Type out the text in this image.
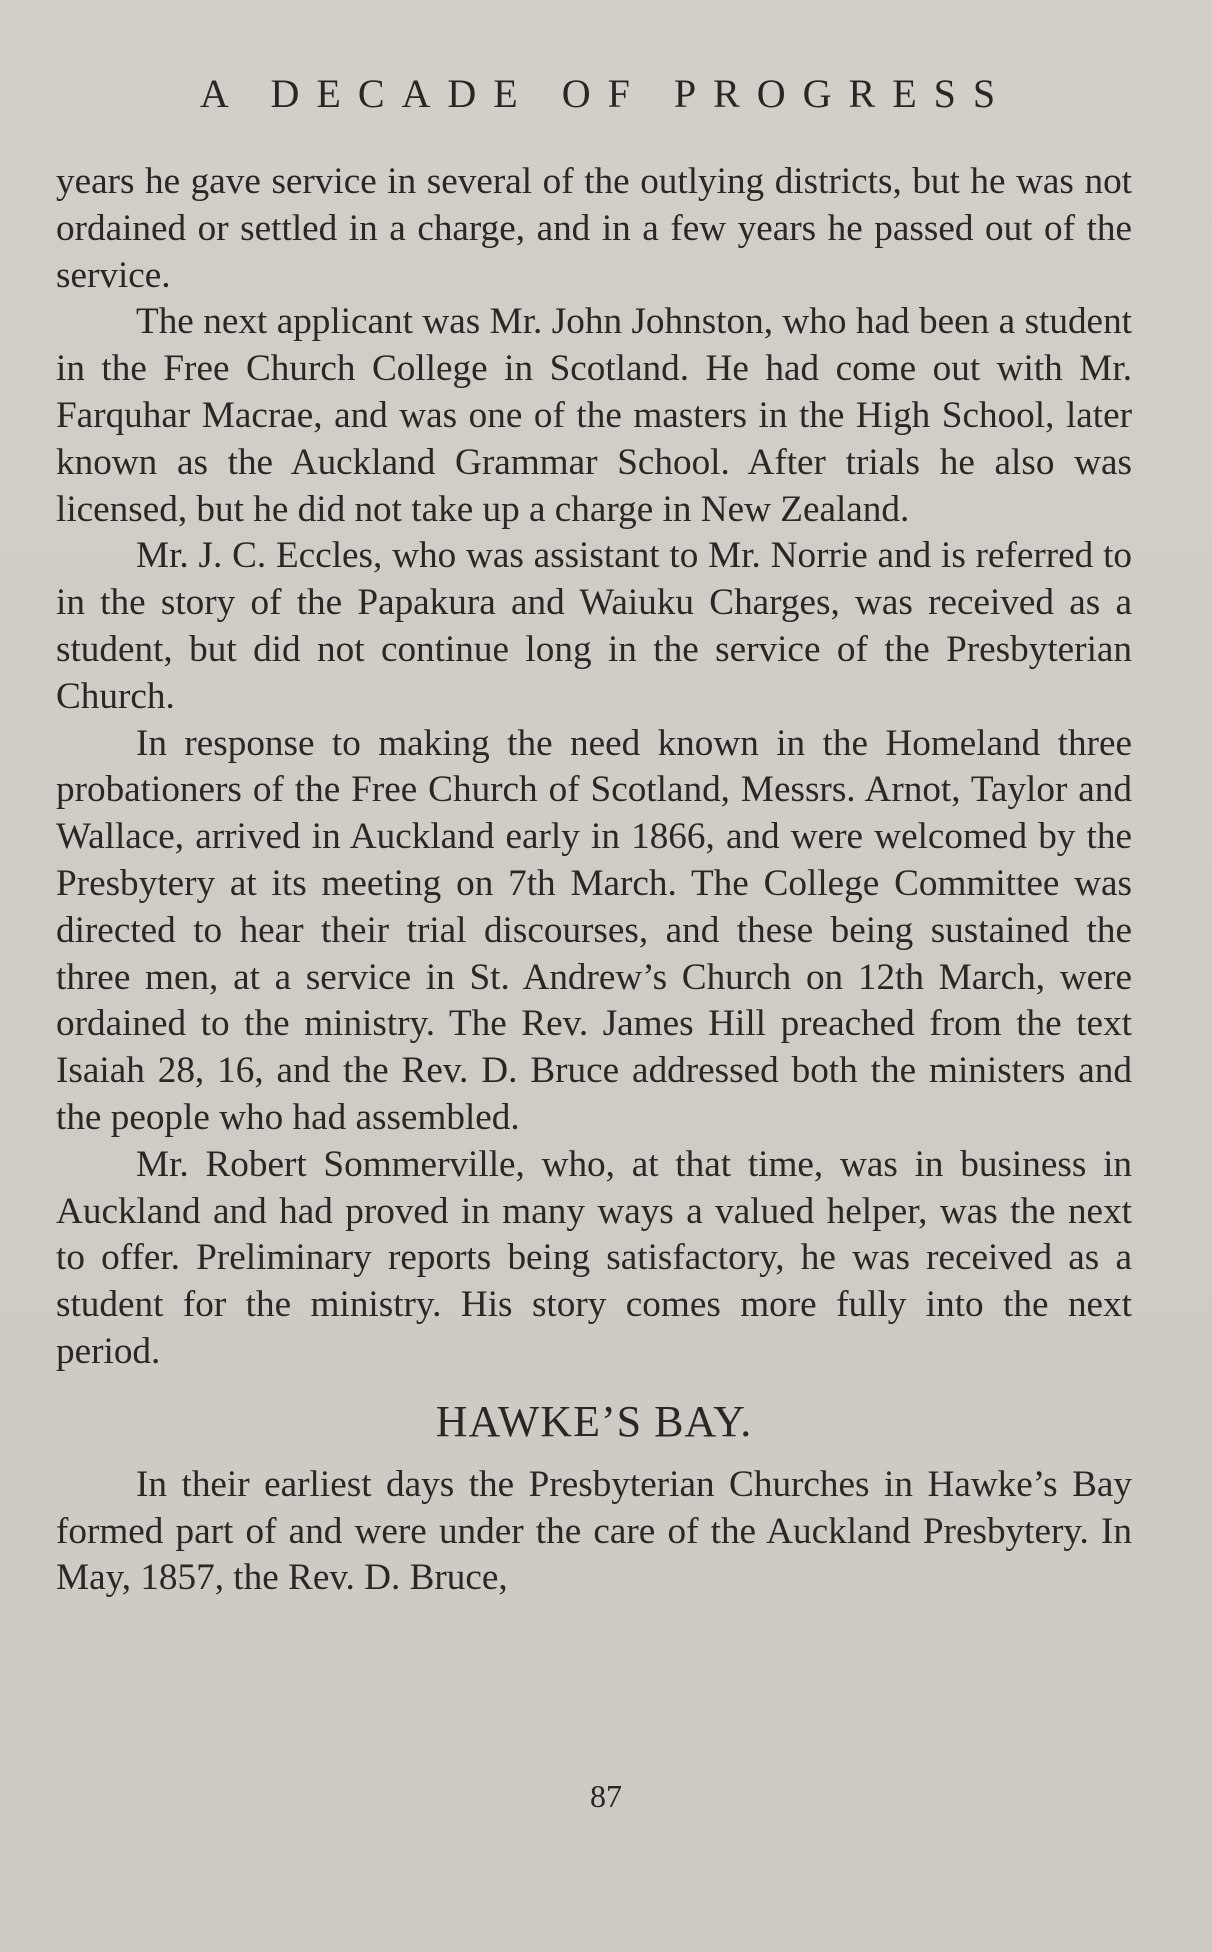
A DECADE OF PROGRESS

years he gave service in several of the outlying districts, but he was not ordained or settled in a charge, and in a few years he passed out of the service.

The next applicant was Mr. John Johnston, who had been a student in the Free Church College in Scotland. He had come out with Mr. Farquhar Macrae, and was one of the masters in the High School, later known as the Auckland Grammar School. After trials he also was licensed, but he did not take up a charge in New Zealand.

Mr. J. C. Eccles, who was assistant to Mr. Norrie and is referred to in the story of the Papakura and Waiuku Charges, was received as a student, but did not continue long in the service of the Presbyterian Church.

In response to making the need known in the Homeland three probationers of the Free Church of Scotland, Messrs. Arnot, Taylor and Wallace, arrived in Auckland early in 1866, and were welcomed by the Presbytery at its meeting on 7th March. The College Committee was directed to hear their trial discourses, and these being sustained the three men, at a service in St. Andrew’s Church on 12th March, were ordained to the ministry. The Rev. James Hill preached from the text Isaiah 28, 16, and the Rev. D. Bruce addressed both the ministers and the people who had assembled.

Mr. Robert Sommerville, who, at that time, was in business in Auckland and had proved in many ways a valued helper, was the next to offer. Preliminary reports being satisfactory, he was received as a student for the ministry. His story comes more fully into the next period.

HAWKE’S BAY.

In their earliest days the Presbyterian Churches in Hawke’s Bay formed part of and were under the care of the Auckland Presbytery. In May, 1857, the Rev. D. Bruce,

87
